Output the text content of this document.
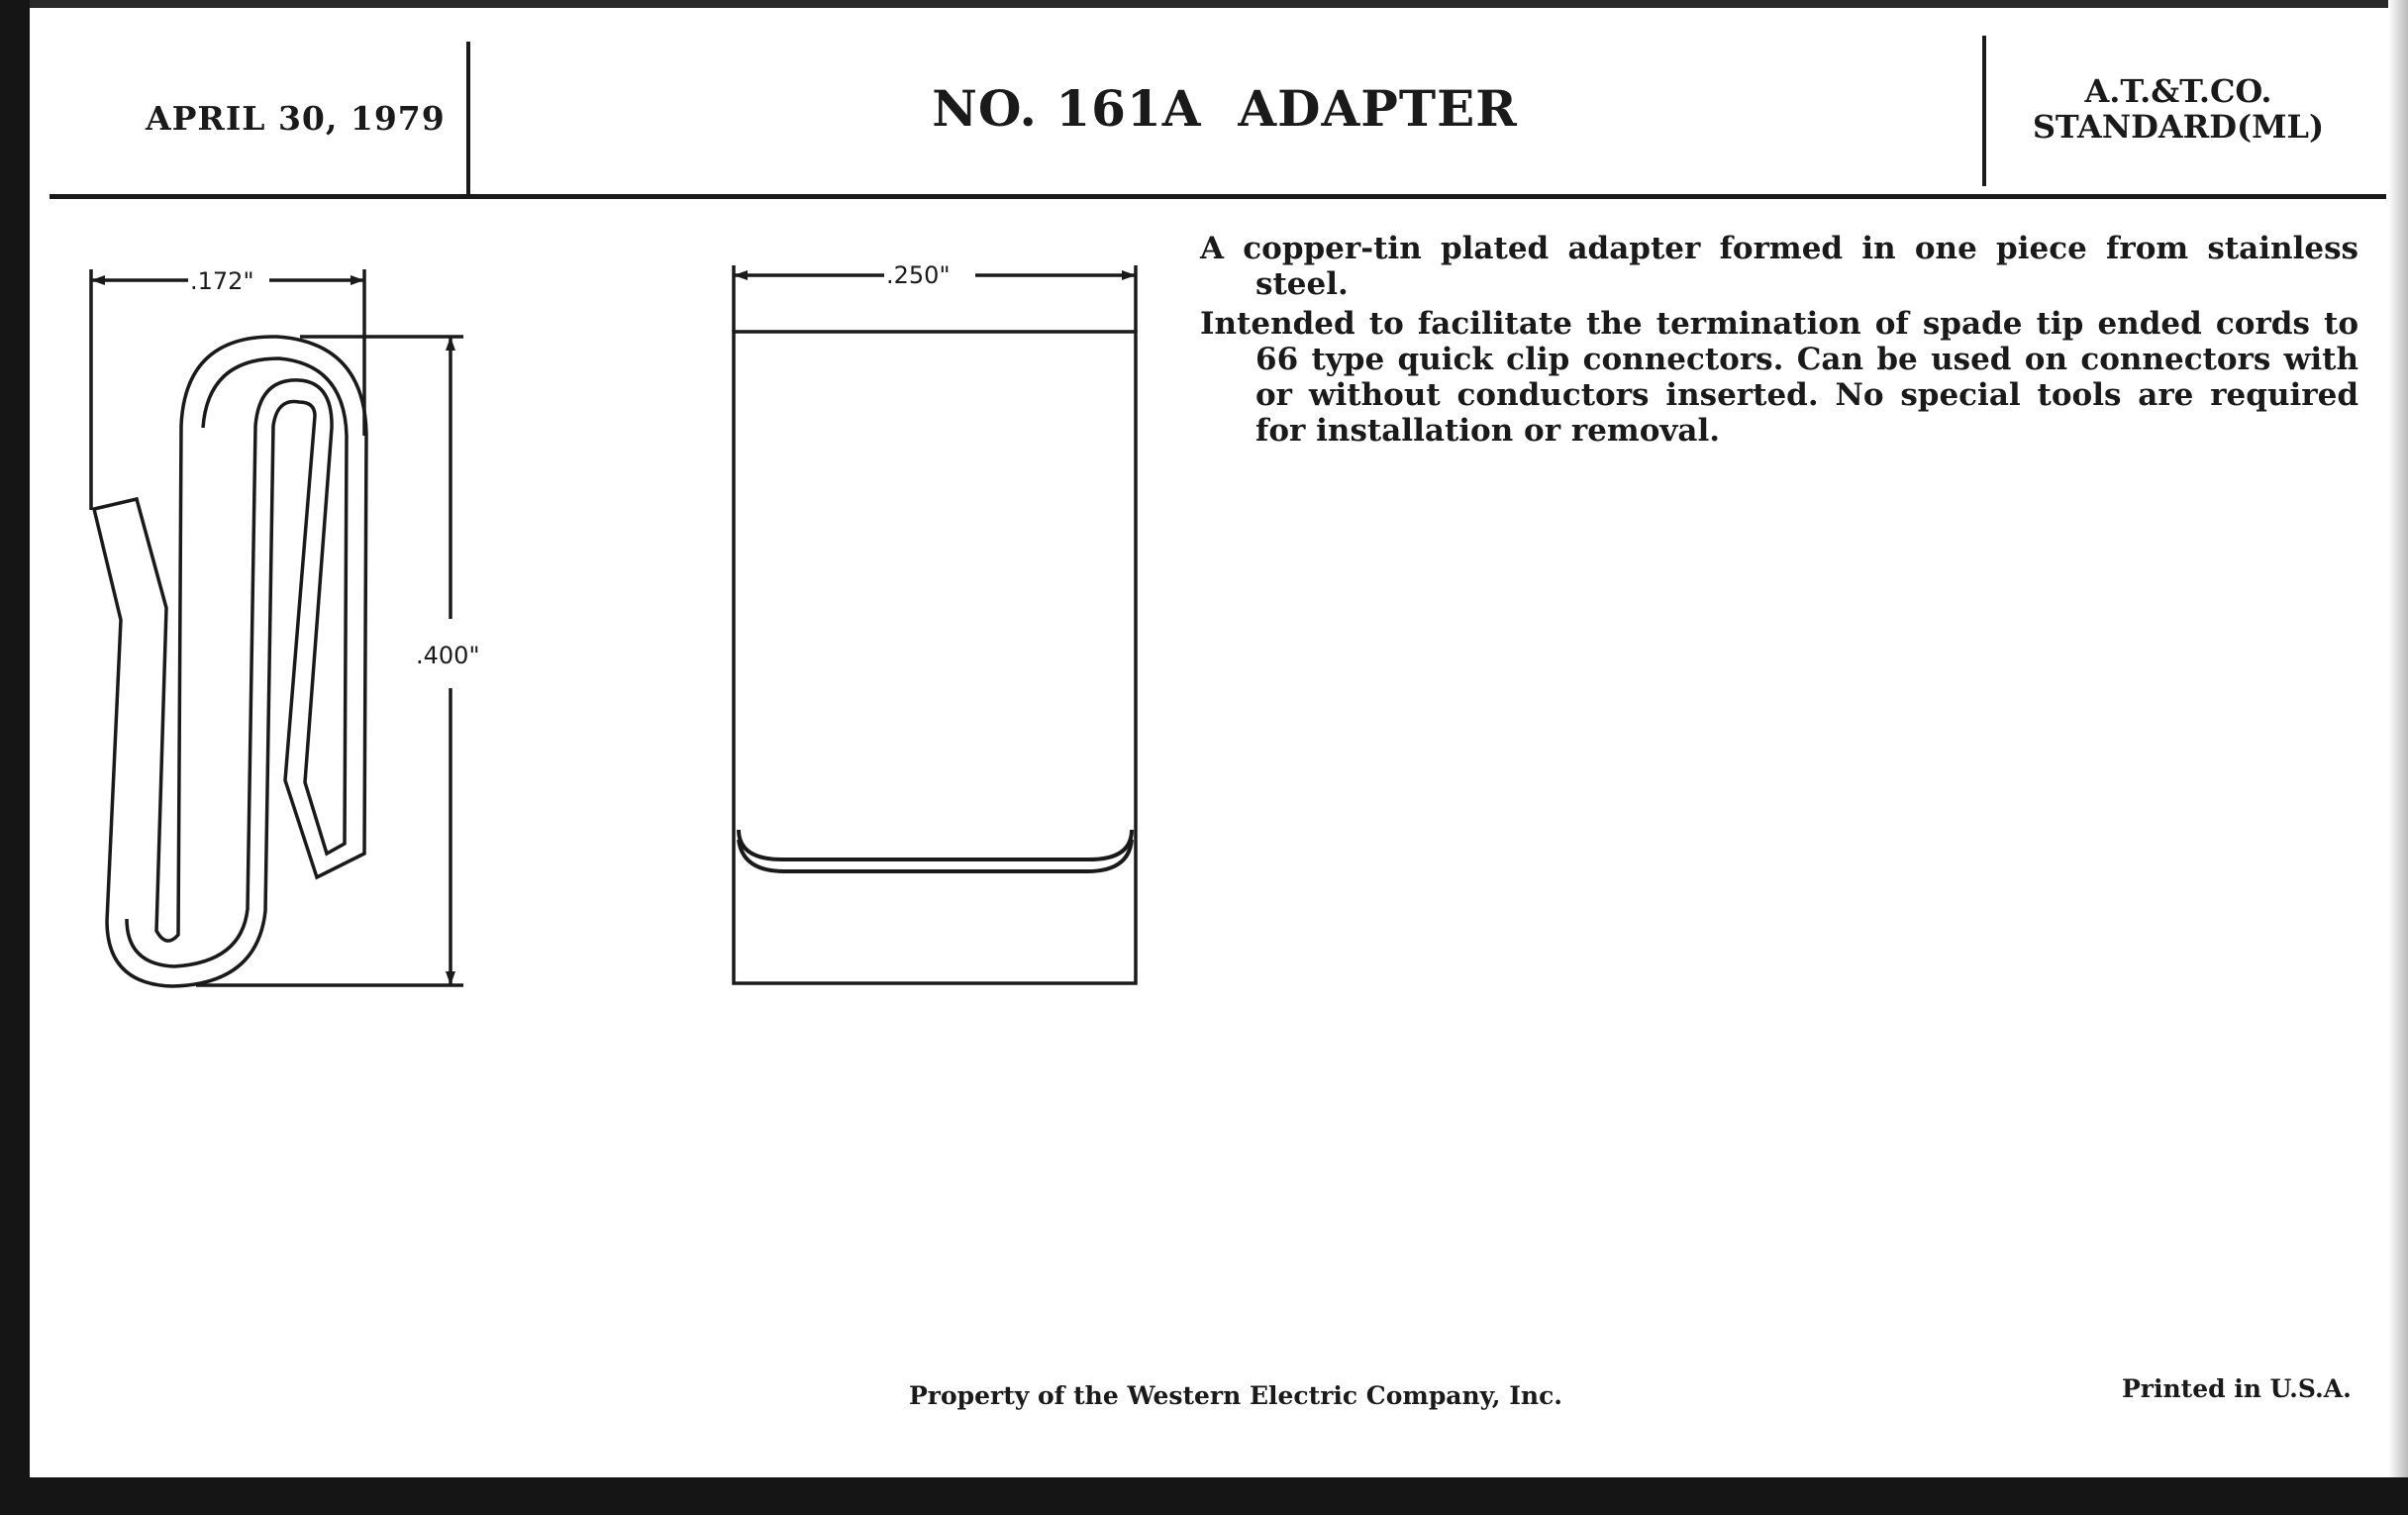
APRIL 30, 1979	NO. 161A  ADAPTER	A.T.&T.CO.
STANDARD(ML)
.172"
.400"
.250"

A copper-tin plated adapter formed in one piece from stainless steel.

Intended to facilitate the termination of spade tip ended cords to 66 type quick clip connectors. Can be used on connectors with or without conductors inserted. No special tools are required for installation or removal.

Property of the Western Electric Company, Inc.	Printed in U.S.A.
